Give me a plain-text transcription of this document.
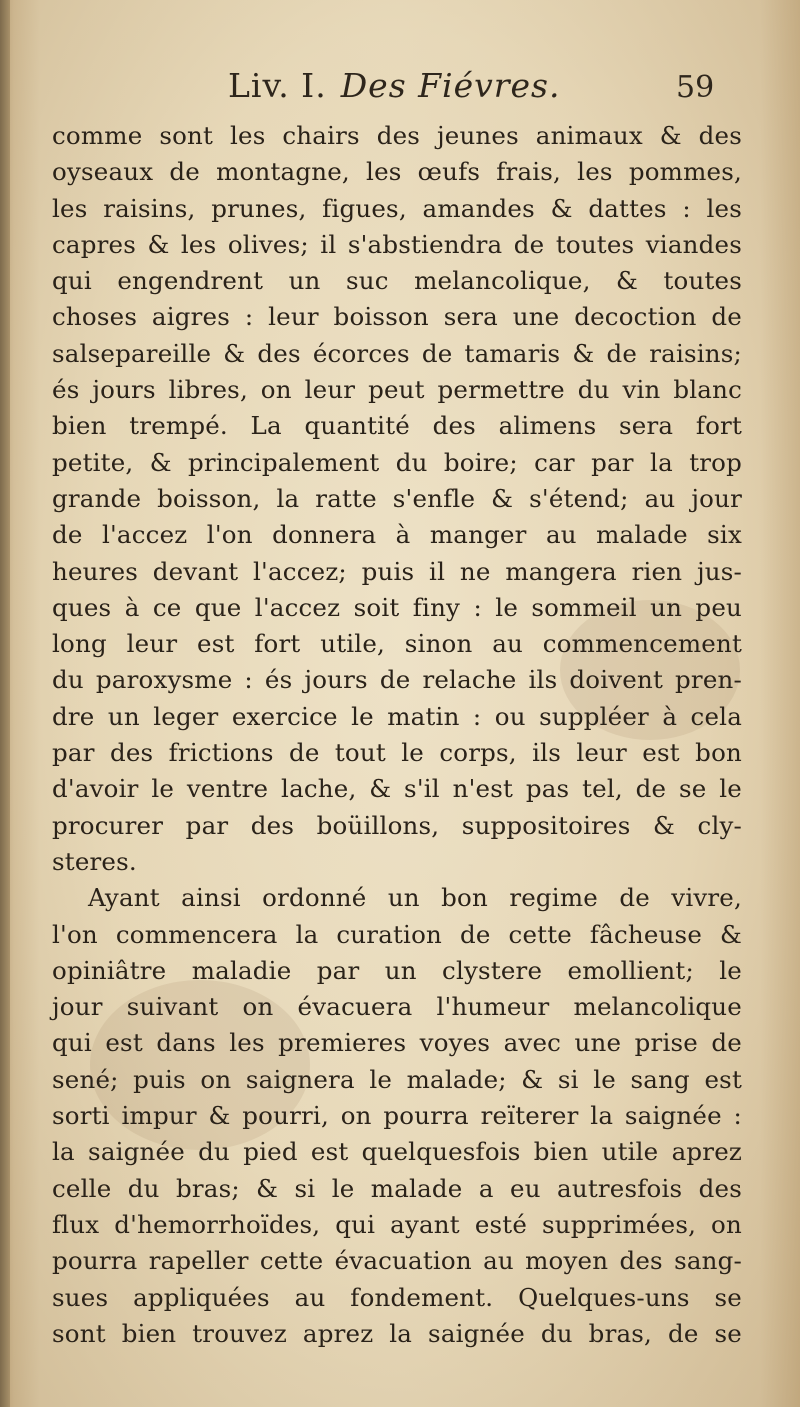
Liv. I. Des Fiévres.	59
comme sont les chairs des jeunes animaux & des
oyseaux de montagne, les œufs frais, les pommes,
les raisins, prunes, figues, amandes & dattes : les
capres & les olives; il s'abstiendra de toutes viandes
qui engendrent un suc melancolique, & toutes
choses aigres : leur boisson sera une decoction de
salsepareille & des écorces de tamaris & de raisins;
és jours libres, on leur peut permettre du vin blanc
bien trempé. La quantité des alimens sera fort
petite, & principalement du boire; car par la trop
grande boisson, la ratte s'enfle & s'étend; au jour
de l'accez l'on donnera à manger au malade six
heures devant l'accez; puis il ne mangera rien jus-
ques à ce que l'accez soit finy : le sommeil un peu
long leur est fort utile, sinon au commencement
du paroxysme : és jours de relache ils doivent pren-
dre un leger exercice le matin : ou suppléer à cela
par des frictions de tout le corps, ils leur est bon
d'avoir le ventre lache, & s'il n'est pas tel, de se le
procurer par des boüillons, suppositoires & cly-
steres.
Ayant ainsi ordonné un bon regime de vivre,
l'on commencera la curation de cette fâcheuse &
opiniâtre maladie par un clystere emollient; le
jour suivant on évacuera l'humeur melancolique
qui est dans les premieres voyes avec une prise de
sené; puis on saignera le malade; & si le sang est
sorti impur & pourri, on pourra reïterer la saignée :
la saignée du pied est quelquesfois bien utile aprez
celle du bras; & si le malade a eu autresfois des
flux d'hemorrhoïdes, qui ayant esté supprimées, on
pourra rapeller cette évacuation au moyen des sang-
sues appliquées au fondement. Quelques-uns se
sont bien trouvez aprez la saignée du bras, de se
